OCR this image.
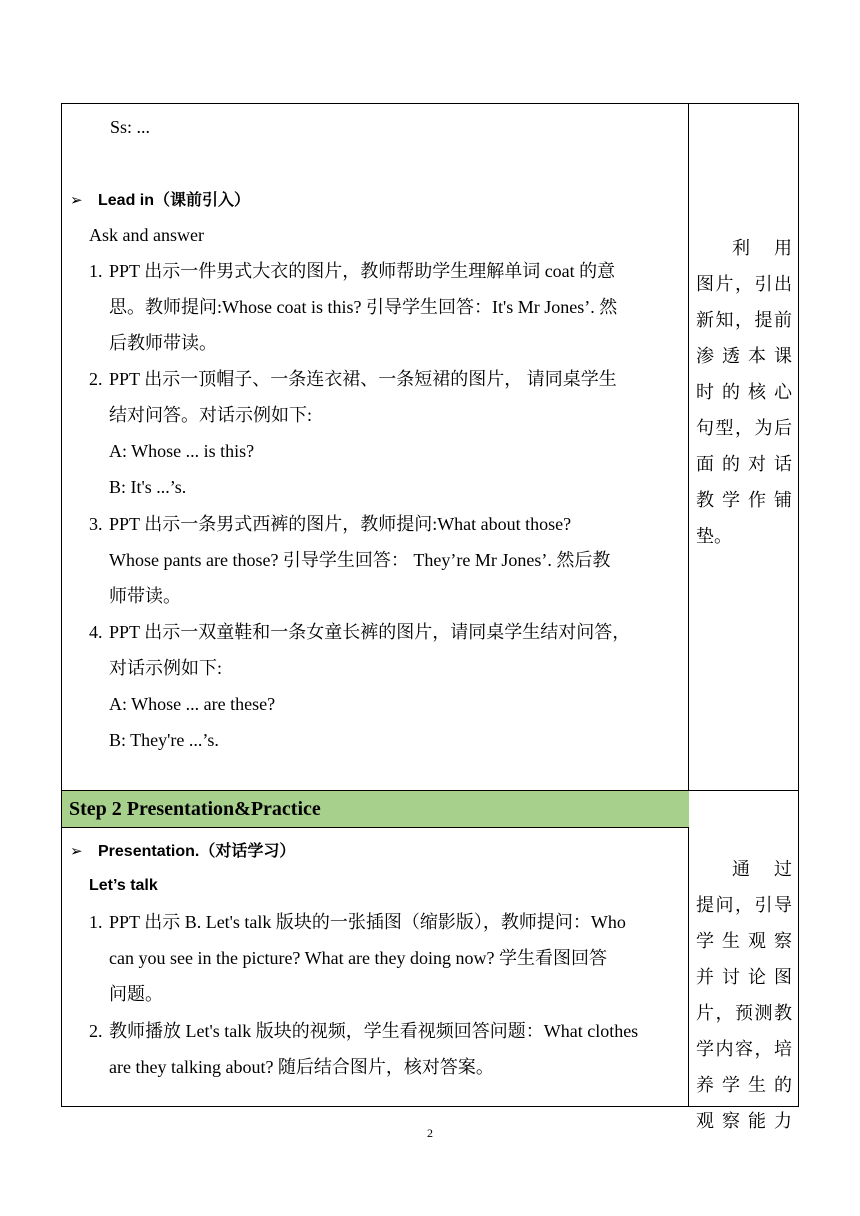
Ss: ...
➢ Lead in（课前引入）
Ask and answer
1. PPT 出示一件男式大衣的图片，教师帮助学生理解单词 coat 的意
思。教师提问:Whose coat is this? 引导学生回答：It's Mr Jones’. 然
后教师带读。
2. PPT 出示一顶帽子、一条连衣裙、一条短裙的图片， 请同桌学生
结对问答。对话示例如下:
A: Whose ... is this?
B: It's ...’s.
3. PPT 出示一条男式西裤的图片，教师提问:What about those?
Whose pants are those? 引导学生回答： They’re Mr Jones’. 然后教
师带读。
4. PPT 出示一双童鞋和一条女童长裤的图片，请同桌学生结对问答，
对话示例如下:
A: Whose ... are these?
B: They're ...’s.
利 用
图片，引出
新知，提前
渗透本课
时的核心
句型，为后
面的对话
教学作铺
垫。
Step 2 Presentation&Practice
➢ Presentation.（对话学习）
Let’s talk
1. PPT 出示 B. Let's talk 版块的一张插图（缩影版），教师提问：Who
can you see in the picture? What are they doing now? 学生看图回答
问题。
2. 教师播放 Let's talk 版块的视频，学生看视频回答问题：What clothes
are they talking about? 随后结合图片，核对答案。
通 过
提问，引导
学生观察
并讨论图
片，预测教
学内容，培
养学生的
观察能力
2
